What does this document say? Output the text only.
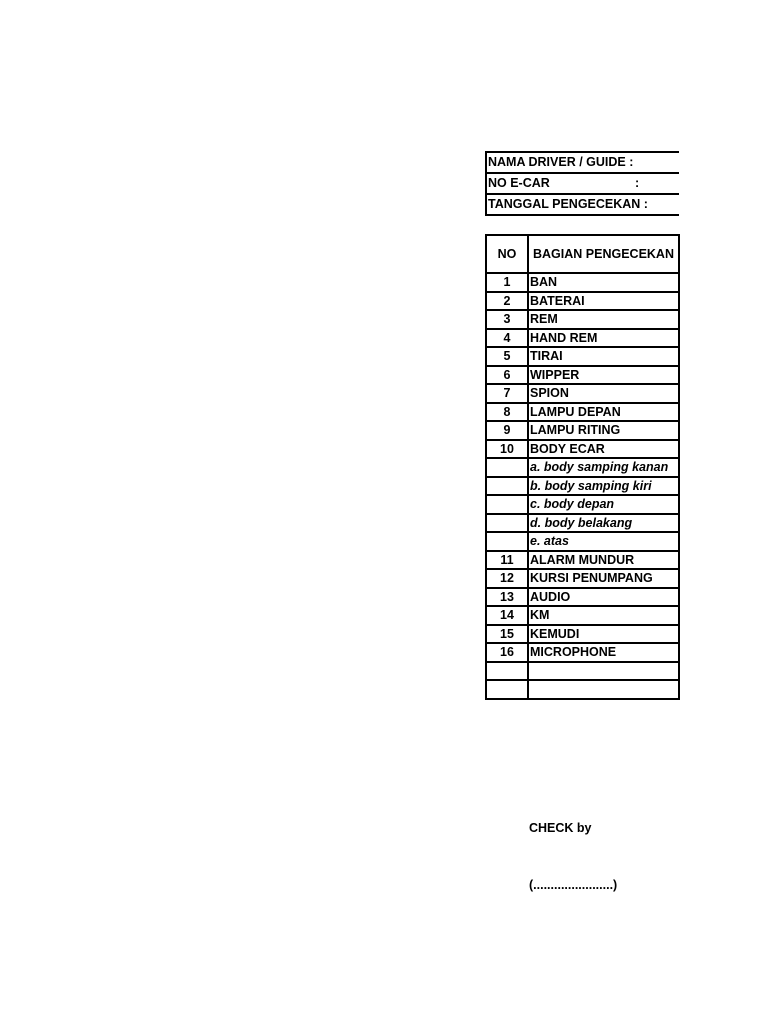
NAMA DRIVER / GUIDE :
NO E-CAR	:
TANGGAL PENGECEKAN :
NO	BAGIAN PENGECEKAN
1	BAN
2	BATERAI
3	REM
4	HAND REM
5	TIRAI
6	WIPPER
7	SPION
8	LAMPU DEPAN
9	LAMPU RITING
10	BODY ECAR
	a. body samping kanan
	b. body samping kiri
	c. body depan
	d. body belakang
	e. atas
11	ALARM MUNDUR
12	KURSI PENUMPANG
13	AUDIO
14	KM
15	KEMUDI
16	MICROPHONE

CHECK by
(.......................)
